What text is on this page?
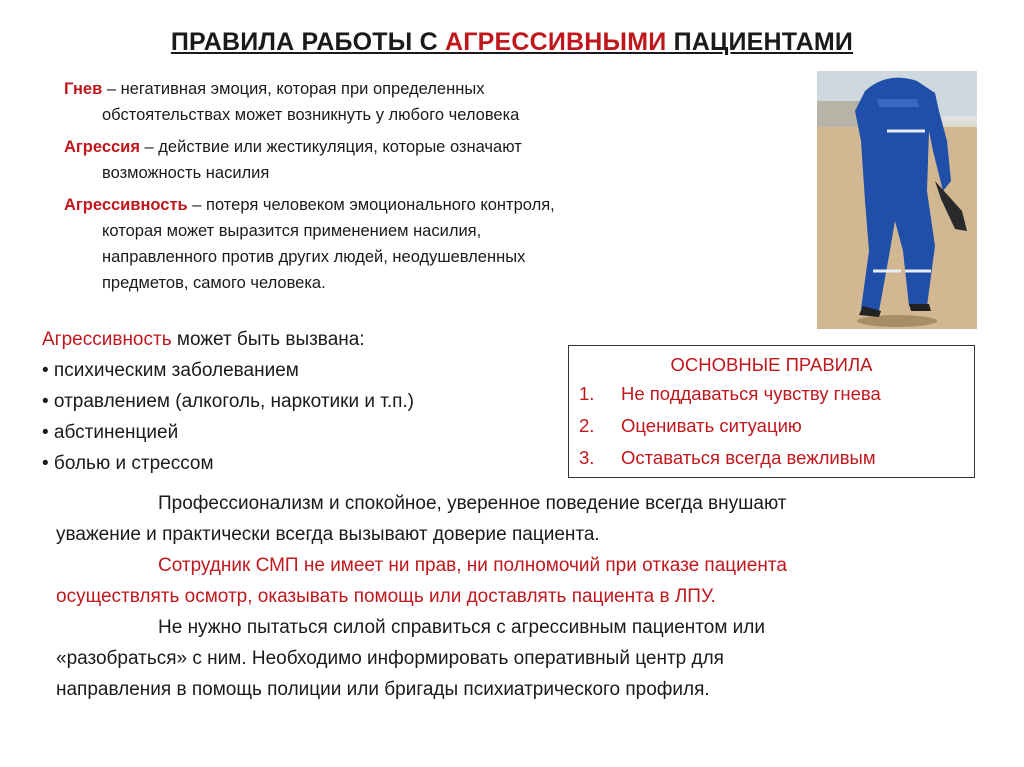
ПРАВИЛА РАБОТЫ С АГРЕССИВНЫМИ ПАЦИЕНТАМИ
Гнев – негативная эмоция, которая при определенных
обстоятельствах может возникнуть у любого человека
Агрессия – действие или жестикуляция, которые означают
возможность насилия
Агрессивность – потеря человеком эмоционального контроля,
которая может выразится применением насилия,
направленного против других людей, неодушевленных
предметов, самого человека.
Агрессивность может быть вызвана:
• психическим заболеванием
• отравлением (алкоголь, наркотики и т.п.)
• абстиненцией
• болью и стрессом
ОСНОВНЫЕ ПРАВИЛА
1.	Не поддаваться чувству гнева
2.	Оценивать ситуацию
3.	Оставаться всегда вежливым

Профессионализм и спокойное, уверенное поведение всегда внушают

уважение и практически всегда вызывают доверие пациента.

Сотрудник СМП не имеет ни прав, ни полномочий при отказе пациента

осуществлять осмотр, оказывать помощь или доставлять пациента в ЛПУ.

Не нужно пытаться силой справиться с агрессивным пациентом или

«разобраться» с ним. Необходимо информировать оперативный центр для

направления в помощь полиции или бригады психиатрического профиля.
